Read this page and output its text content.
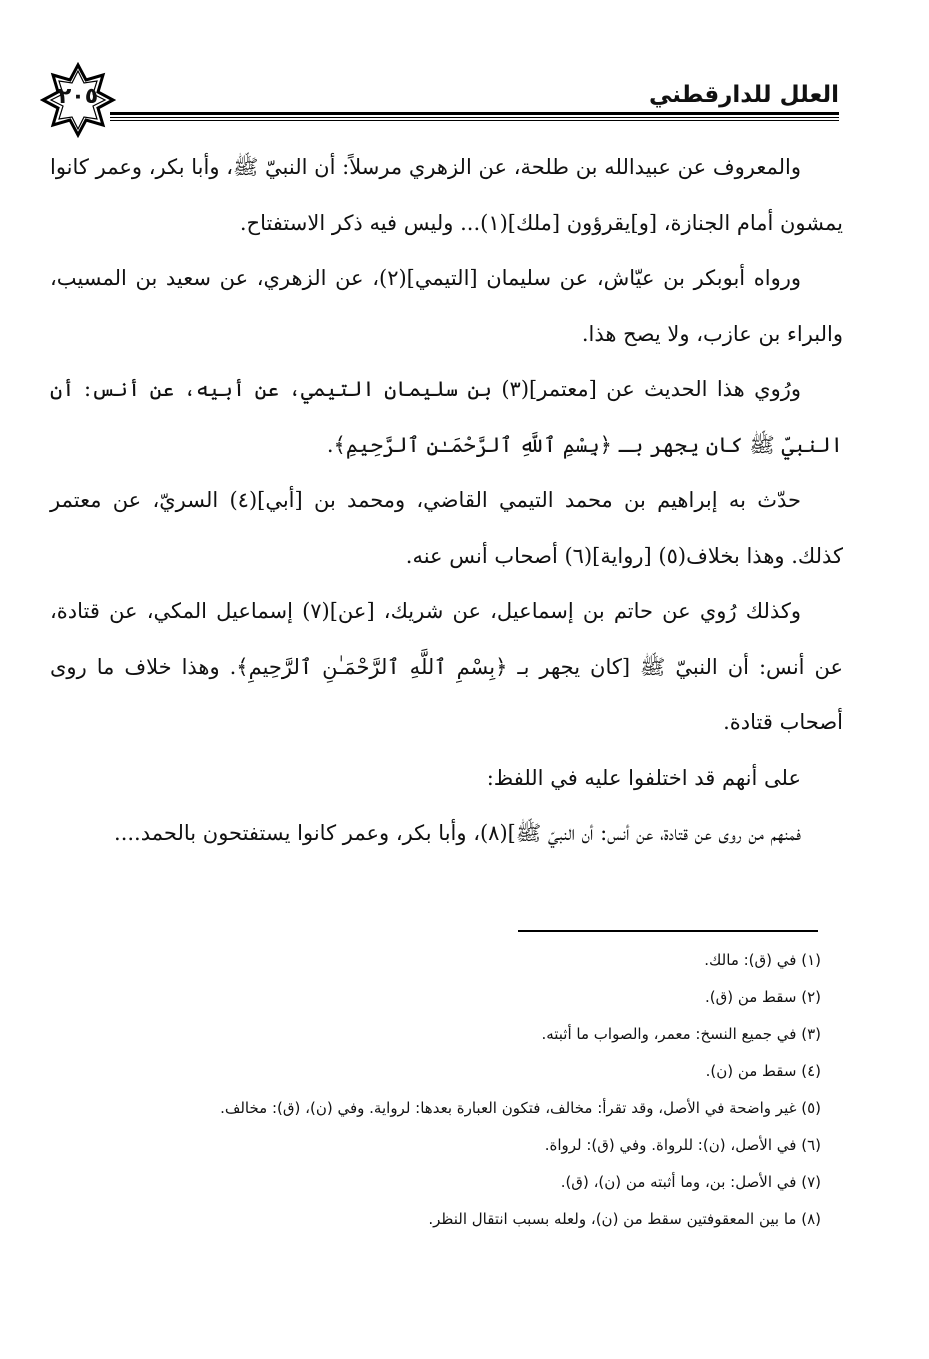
العلل للدارقطني
٢٠٥

والمعروف عن عبيدالله بن طلحة، عن الزهري مرسلاً: أن النبيّ ﷺ، وأبا بكر، وعمر كانوا يمشون أمام الجنازة، [و]يقرؤون [ملك](١)... وليس فيه ذكر الاستفتاح.

ورواه أبوبكر بن عيّاش، عن سليمان [التيمي](٢)، عن الزهري، عن سعيد بن المسيب، والبراء بن عازب، ولا يصح هذا.

ورُوي هذا الحديث عن [معتمر](٣) بن سليمان التيمي، عن أبيه، عن أنس: أن النبيّ ﷺ كان يجهر بـ ﴿بِسْمِ ٱللَّهِ ٱلرَّحْمَـٰنِ ٱلرَّحِيمِ﴾.

حدّث به إبراهيم بن محمد التيمي القاضي، ومحمد بن [أبي](٤) السريّ، عن معتمر كذلك. وهذا بخلاف(٥) [رواية](٦) أصحاب أنس عنه.

وكذلك رُوي عن حاتم بن إسماعيل، عن شريك، [عن](٧) إسماعيل المكي، عن قتادة، عن أنس: أن النبيّ ﷺ [كان يجهر بـ ﴿بِسْمِ ٱللَّهِ ٱلرَّحْمَـٰنِ ٱلرَّحِيمِ﴾. وهذا خلاف ما روى أصحاب قتادة.

على أنهم قد اختلفوا عليه في اللفظ:

فمنهم من روى عن قتادة، عن أنس: أن النبيّ ﷺ](٨)، وأبا بكر، وعمر كانوا يستفتحون بالحمد....

(١) في (ق): مالك.
(٢) سقط من (ق).
(٣) في جميع النسخ: معمر، والصواب ما أثبته.
(٤) سقط من (ن).
(٥) غير واضحة في الأصل، وقد تقرأ: مخالف، فتكون العبارة بعدها: لرواية. وفي (ن)، (ق): مخالف.
(٦) في الأصل، (ن): للرواة. وفي (ق): لرواة.
(٧) في الأصل: بن، وما أثبته من (ن)، (ق).
(٨) ما بين المعقوفتين سقط من (ن)، ولعله بسبب انتقال النظر.
